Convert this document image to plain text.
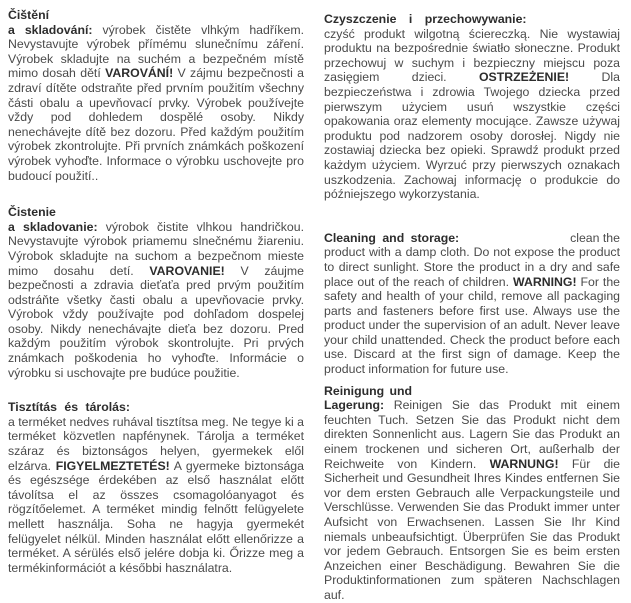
Čištění

a skladování: výrobek čistěte vlhkým hadříkem. Nevystavujte výrobek přímému slunečnímu záření. Výrobek skladujte na suchém a bezpečném místě mimo dosah dětí VAROVÁNÍ! V zájmu bezpečnosti a zdraví dítěte odstraňte před prvním použitím všechny části obalu a upevňovací prvky. Výrobek používejte vždy pod dohledem dospělé osoby. Nikdy nenechávejte dítě bez dozoru. Před každým použitím výrobek zkontrolujte. Při prvních známkách poškození výrobek vyhoďte. Informace o výrobku uschovejte pro budoucí použití..

Čistenie

a skladovanie: výrobok čistite vlhkou handričkou. Nevystavujte výrobok priamemu slnečnému žiareniu. Výrobok skladujte na suchom a bezpečnom mieste mimo dosahu detí. VAROVANIE! V záujme bezpečnosti a zdravia dieťaťa pred prvým použitím odstráňte všetky časti obalu a upevňovacie prvky. Výrobok vždy používajte pod dohľadom dospelej osoby. Nikdy nenechávajte dieťa bez dozoru. Pred každým použitím výrobok skontrolujte. Pri prvých známkach poškodenia ho vyhoďte. Informácie o výrobku si uschovajte pre budúce použitie.

Tisztítás és tárolás:

a terméket nedves ruhával tisztítsa meg. Ne tegye ki a terméket közvetlen napfénynek. Tárolja a terméket száraz és biztonságos helyen, gyermekek elől elzárva. FIGYELMEZTETÉS! A gyermeke biztonsága és egészsége érdekében az első használat előtt távolítsa el az összes csomagolóanyagot és rögzítőelemet. A terméket mindig felnőtt felügyelete mellett használja. Soha ne hagyja gyermekét felügyelet nélkül. Minden használat előtt ellenőrizze a terméket. A sérülés első jelére dobja ki. Őrizze meg a termékinformációt a későbbi használatra.

Czyszczenie i przechowywanie:

czyść produkt wilgotną ściereczką. Nie wystawiaj produktu na bezpośrednie światło słoneczne. Produkt przechowuj w suchym i bezpieczny miejscu poza zasięgiem dzieci. OSTRZEŻENIE! Dla bezpieczeństwa i zdrowia Twojego dziecka przed pierwszym użyciem usuń wszystkie części opakowania oraz elementy mocujące. Zawsze używaj produktu pod nadzorem osoby dorosłej. Nigdy nie zostawiaj dziecka bez opieki. Sprawdź produkt przed każdym użyciem. Wyrzuć przy pierwszych oznakach uszkodzenia. Zachowaj informację o produkcie do późniejszego wykorzystania.

Cleaning and storage:	clean the

product with a damp cloth. Do not expose the product to direct sunlight. Store the product in a dry and safe place out of the reach of children. WARNING! For the safety and health of your child, remove all packaging parts and fasteners before first use. Always use the product under the supervision of an adult. Never leave your child unattended. Check the product before each use. Discard at the first sign of damage. Keep the product information for future use.

Reinigung und

Lagerung: Reinigen Sie das Produkt mit einem feuchten Tuch. Setzen Sie das Produkt nicht dem direkten Sonnenlicht aus. Lagern Sie das Produkt an einem trockenen und sicheren Ort, außerhalb der Reichweite von Kindern. WARNUNG! Für die Sicherheit und Gesundheit Ihres Kindes entfernen Sie vor dem ersten Gebrauch alle Verpackungsteile und Verschlüsse. Verwenden Sie das Produkt immer unter Aufsicht von Erwachsenen. Lassen Sie Ihr Kind niemals unbeaufsichtigt. Überprüfen Sie das Produkt vor jedem Gebrauch. Entsorgen Sie es beim ersten Anzeichen einer Beschädigung. Bewahren Sie die Produktinformationen zum späteren Nachschlagen auf.
